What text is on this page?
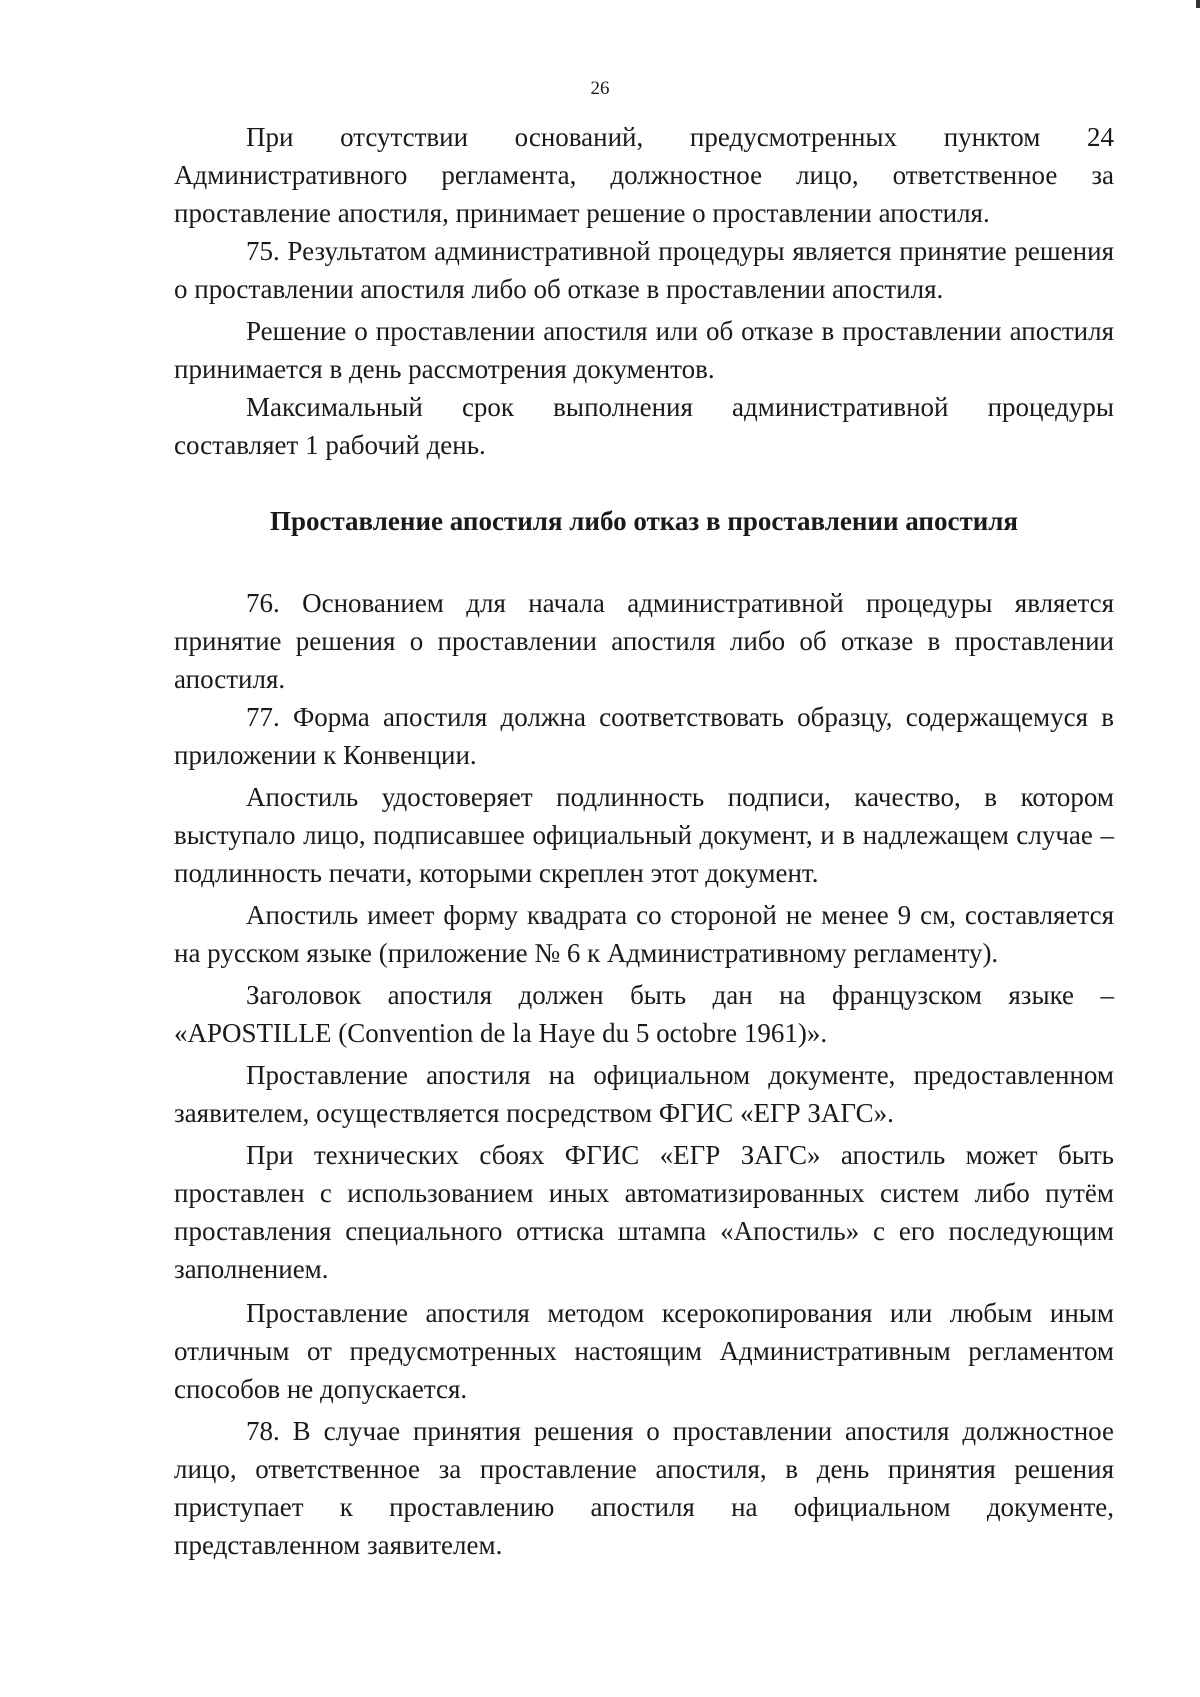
26

При отсутствии оснований, предусмотренных пунктом 24 Административного регламента, должностное лицо, ответственное за проставление апостиля, принимает решение о проставлении апостиля.

75. Результатом административной процедуры является принятие решения о проставлении апостиля либо об отказе в проставлении апостиля.

Решение о проставлении апостиля или об отказе в проставлении апостиля принимается в день рассмотрения документов.

Максимальный срок выполнения административной процедуры составляет 1 рабочий день.

Проставление апостиля либо отказ в проставлении апостиля

76. Основанием для начала административной процедуры является принятие решения о проставлении апостиля либо об отказе в проставлении апостиля.

77. Форма апостиля должна соответствовать образцу, содержащемуся в приложении к Конвенции.

Апостиль удостоверяет подлинность подписи, качество, в котором выступало лицо, подписавшее официальный документ, и в надлежащем случае – подлинность печати, которыми скреплен этот документ.

Апостиль имеет форму квадрата со стороной не менее 9 см, составляется на русском языке (приложение № 6 к Административному регламенту).

Заголовок апостиля должен быть дан на французском языке – «APOSTILLE (Convention de la Haye du 5 octobre 1961)».

Проставление апостиля на официальном документе, предоставленном заявителем, осуществляется посредством ФГИС «ЕГР ЗАГС».

При технических сбоях ФГИС «ЕГР ЗАГС» апостиль может быть проставлен с использованием иных автоматизированных систем либо путём проставления специального оттиска штампа «Апостиль» с его последующим заполнением.

Проставление апостиля методом ксерокопирования или любым иным отличным от предусмотренных настоящим Административным регламентом способов не допускается.

78. В случае принятия решения о проставлении апостиля должностное лицо, ответственное за проставление апостиля, в день принятия решения приступает к проставлению апостиля на официальном документе, представленном заявителем.
